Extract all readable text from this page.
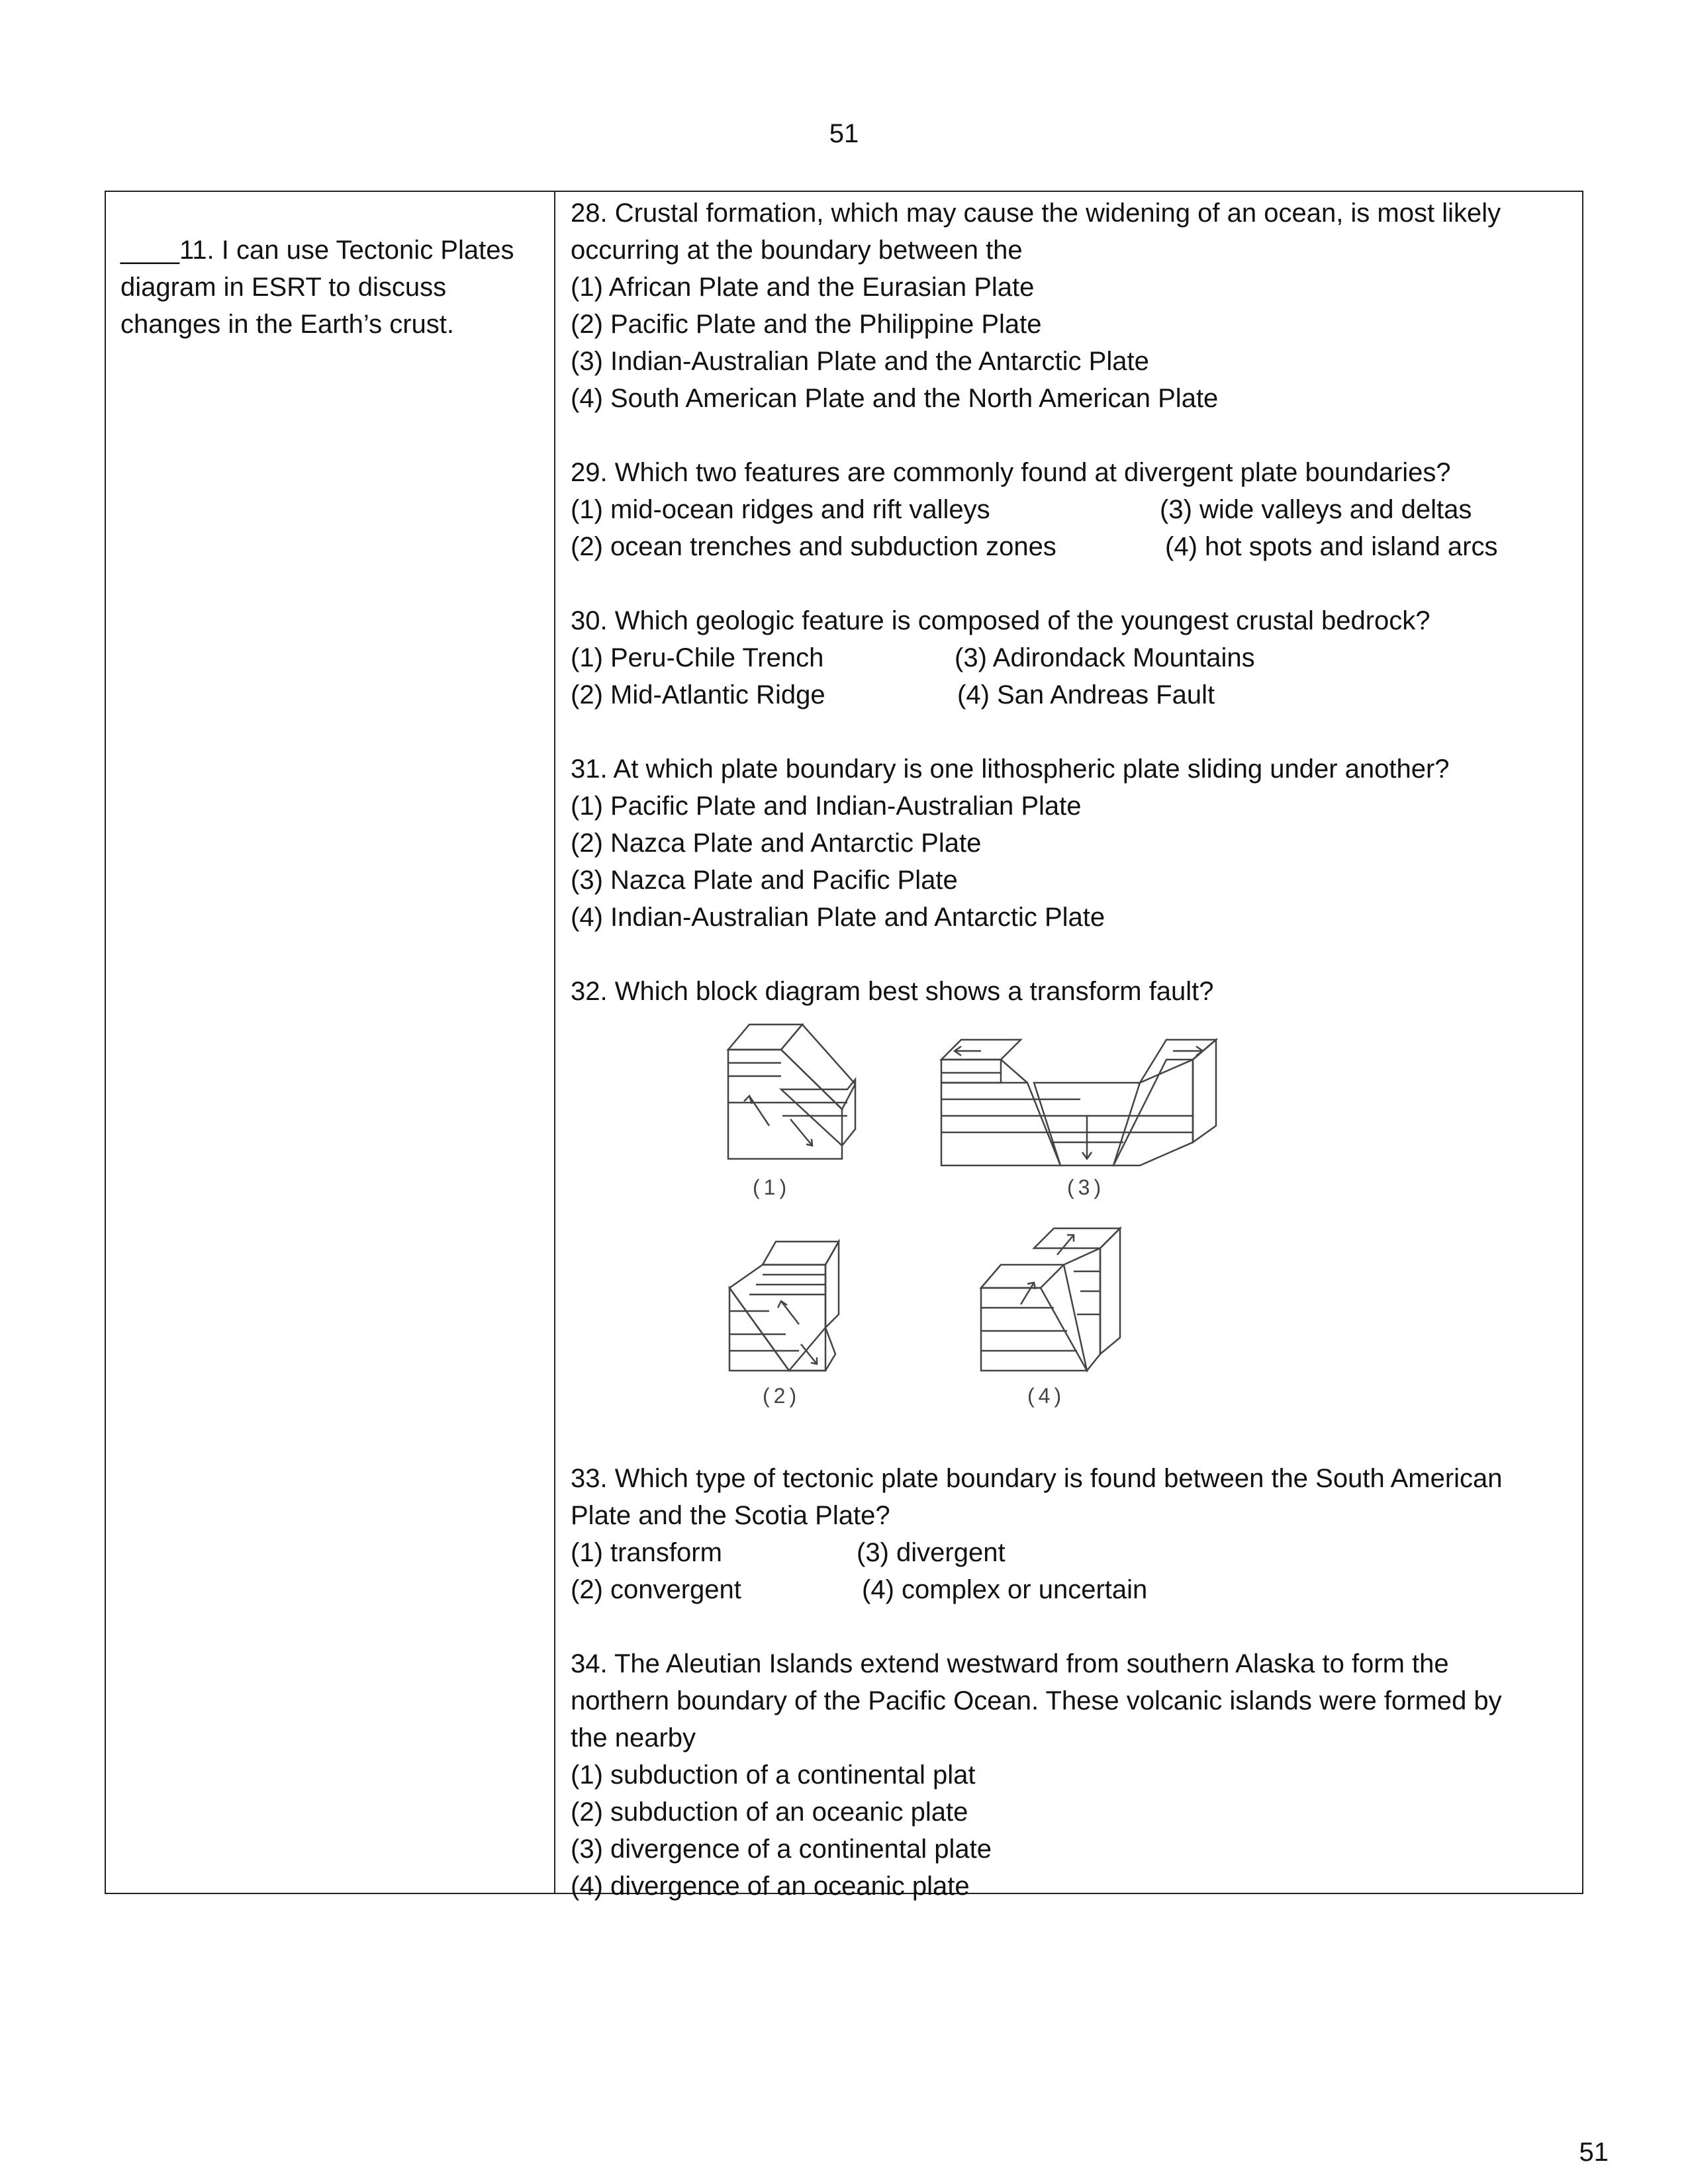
51
____11. I can use Tectonic Plates diagram in ESRT to discuss changes in the Earth’s crust.

28. Crustal formation, which may cause the widening of an ocean, is most likely

occurring at the boundary between the

(1) African Plate and the Eurasian Plate

(2) Pacific Plate and the Philippine Plate

(3) Indian-Australian Plate and the Antarctic Plate

(4) South American Plate and the North American Plate

29. Which two features are commonly found at divergent plate boundaries?

(1) mid-ocean ridges and rift valleys	(3) wide valleys and deltas
(2) ocean trenches and subduction zones	(4) hot spots and island arcs

30. Which geologic feature is composed of the youngest crustal bedrock?

(1) Peru-Chile Trench	(3) Adirondack Mountains
(2) Mid-Atlantic Ridge	(4) San Andreas Fault

31. At which plate boundary is one lithospheric plate sliding under another?

(1) Pacific Plate and Indian-Australian Plate

(2) Nazca Plate and Antarctic Plate

(3) Nazca Plate and Pacific Plate

(4) Indian-Australian Plate and Antarctic Plate

32. Which block diagram best shows a transform fault?

(1)	(3)
(2)	(4)

33. Which type of tectonic plate boundary is found between the South American

Plate and the Scotia Plate?

(1) transform	(3) divergent
(2) convergent	(4) complex or uncertain

34. The Aleutian Islands extend westward from southern Alaska to form the

northern boundary of the Pacific Ocean. These volcanic islands were formed by

the nearby

(1) subduction of a continental plat

(2) subduction of an oceanic plate

(3) divergence of a continental plate

(4) divergence of an oceanic plate

51
